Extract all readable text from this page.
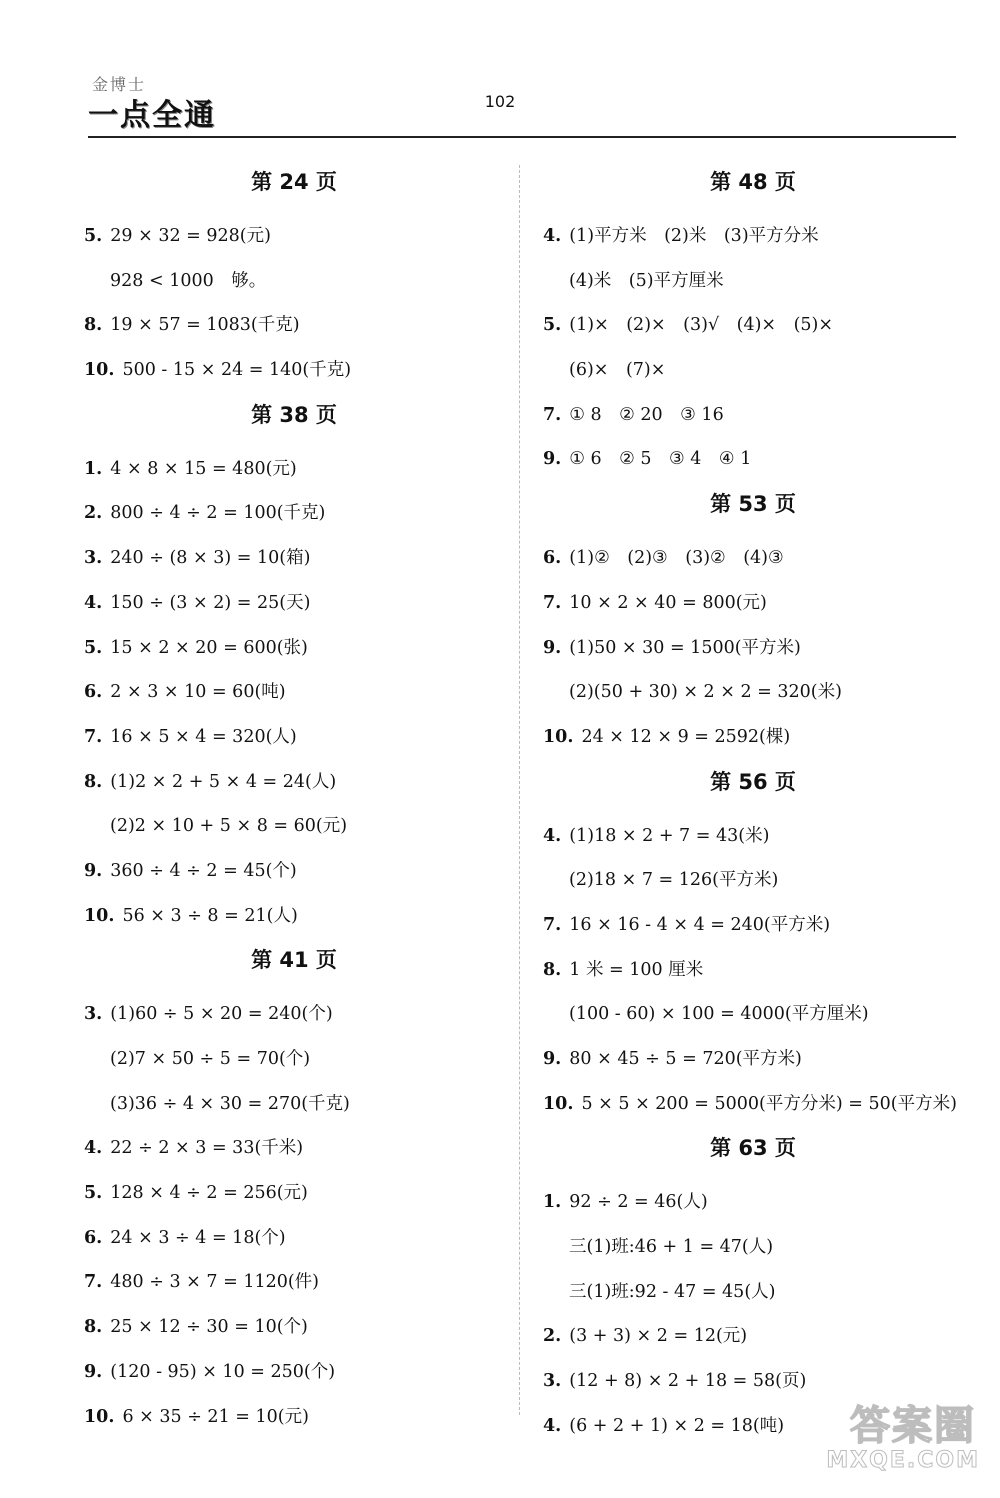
金博士
一点全通	102
第 24 页
5. 29 × 32 = 928(元)
928 < 1000　够。
8. 19 × 57 = 1083(千克)
10. 500 - 15 × 24 = 140(千克)
第 38 页
1. 4 × 8 × 15 = 480(元)
2. 800 ÷ 4 ÷ 2 = 100(千克)
3. 240 ÷ (8 × 3) = 10(箱)
4. 150 ÷ (3 × 2) = 25(天)
5. 15 × 2 × 20 = 600(张)
6. 2 × 3 × 10 = 60(吨)
7. 16 × 5 × 4 = 320(人)
8. (1)2 × 2 + 5 × 4 = 24(人)
(2)2 × 10 + 5 × 8 = 60(元)
9. 360 ÷ 4 ÷ 2 = 45(个)
10. 56 × 3 ÷ 8 = 21(人)
第 41 页
3. (1)60 ÷ 5 × 20 = 240(个)
(2)7 × 50 ÷ 5 = 70(个)
(3)36 ÷ 4 × 30 = 270(千克)
4. 22 ÷ 2 × 3 = 33(千米)
5. 128 × 4 ÷ 2 = 256(元)
6. 24 × 3 ÷ 4 = 18(个)
7. 480 ÷ 3 × 7 = 1120(件)
8. 25 × 12 ÷ 30 = 10(个)
9. (120 - 95) × 10 = 250(个)
10. 6 × 35 ÷ 21 = 10(元)
第 48 页
4. (1)平方米　(2)米　(3)平方分米
(4)米　(5)平方厘米
5. (1)×　(2)×　(3)√　(4)×　(5)×
(6)×　(7)×
7. ① 8　② 20　③ 16
9. ① 6　② 5　③ 4　④ 1
第 53 页
6. (1)②　(2)③　(3)②　(4)③
7. 10 × 2 × 40 = 800(元)
9. (1)50 × 30 = 1500(平方米)
(2)(50 + 30) × 2 × 2 = 320(米)
10. 24 × 12 × 9 = 2592(棵)
第 56 页
4. (1)18 × 2 + 7 = 43(米)
(2)18 × 7 = 126(平方米)
7. 16 × 16 - 4 × 4 = 240(平方米)
8. 1 米 = 100 厘米
(100 - 60) × 100 = 4000(平方厘米)
9. 80 × 45 ÷ 5 = 720(平方米)
10. 5 × 5 × 200 = 5000(平方分米) = 50(平方米)
第 63 页
1. 92 ÷ 2 = 46(人)
三(1)班:46 + 1 = 47(人)
三(1)班:92 - 47 = 45(人)
2. (3 + 3) × 2 = 12(元)
3. (12 + 8) × 2 + 18 = 58(页)
4. (6 + 2 + 1) × 2 = 18(吨)	答案圈
MXQE.COM
